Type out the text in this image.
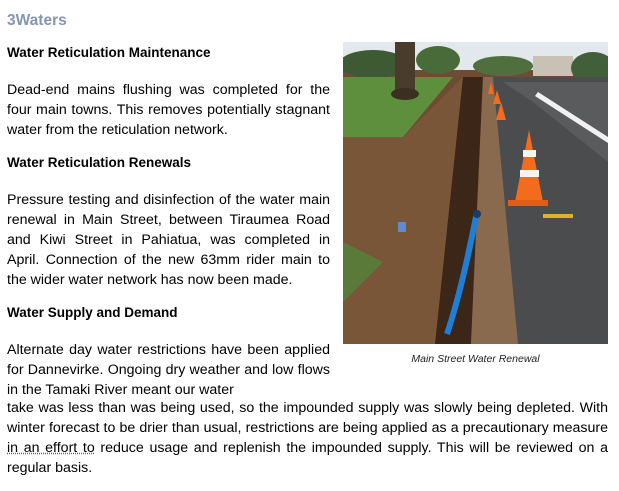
3Waters
Water Reticulation Maintenance
Dead-end mains flushing was completed for the four main towns. This removes potentially stagnant water from the reticulation network.
Water Reticulation Renewals
Pressure testing and disinfection of the water main renewal in Main Street, between Tiraumea Road and Kiwi Street in Pahiatua, was completed in April. Connection of the new 63mm rider main to the wider water network has now been made.
Water Supply and Demand
Alternate day water restrictions have been applied for Dannevirke. Ongoing dry weather and low flows in the Tamaki River meant our water
take was less than was being used, so the impounded supply was slowly being depleted. With winter forecast to be drier than usual, restrictions are being applied as a precautionary measure in an effort to reduce usage and replenish the impounded supply. This will be reviewed on a regular basis.
Main Street Water Renewal
